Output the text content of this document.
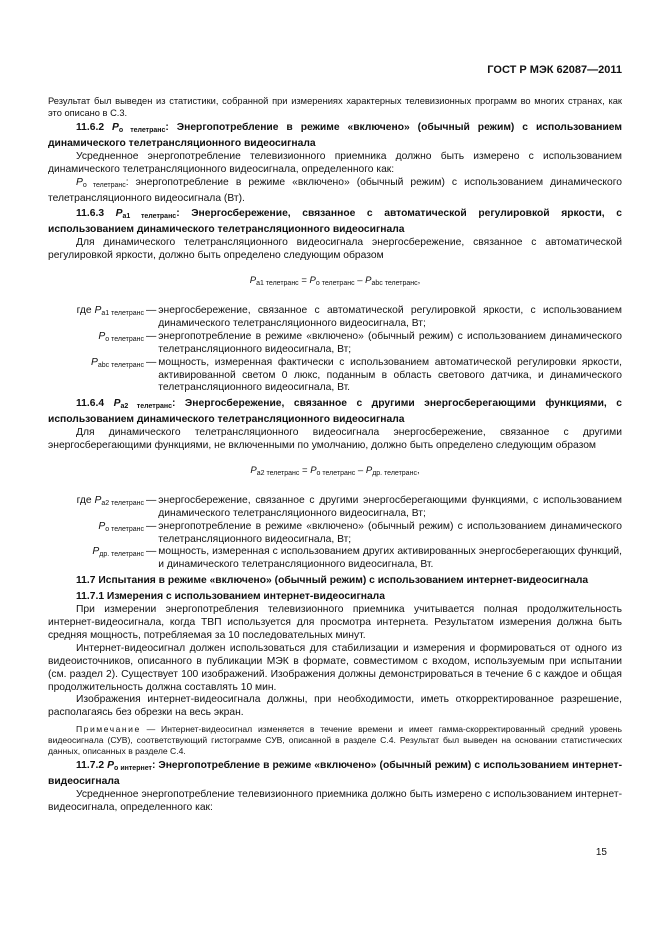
ГОСТ Р МЭК 62087—2011

Результат был выведен из статистики, собранной при измерениях характерных телевизионных программ во многих странах, как это описано в С.3.

11.6.2 $P_{o телетранс}$: Энергопотребление в режиме «включено» (обычный режим) с использованием динамического телетрансляционного видеосигнала

Усредненное энергопотребление телевизионного приемника должно быть измерено с использованием динамического телетрансляционного видеосигнала, определенного как:

$P_{o телетранс}$: энергопотребление в режиме «включено» (обычный режим) с использованием динамического телетрансляционного видеосигнала (Вт).

11.6.3 $P_{a1 телетранс}$: Энергосбережение, связанное с автоматической регулировкой яркости, с использованием динамического телетрансляционного видеосигнала

Для динамического телетрансляционного видеосигнала энергосбережение, связанное с автоматической регулировкой яркости, должно быть определено следующим образом

$P_{a1 телетранс} = P_{o телетранс} - P_{abc телетранс}$,
где $P_{a1 телетранс}$ — энергосбережение, связанное с автоматической регулировкой яркости, с использованием динамического телетрансляционного видеосигнала, Вт;
$P_{o телетранс}$ — энергопотребление в режиме «включено» (обычный режим) с использованием динамического телетрансляционного видеосигнала, Вт;
$P_{abc телетранс}$ — мощность, измеренная фактически с использованием автоматической регулировки яркости, активированной светом 0 люкс, поданным в область светового датчика, и динамического телетрансляционного видеосигнала, Вт.

11.6.4 $P_{a2 телетранс}$: Энергосбережение, связанное с другими энергосберегающими функциями, с использованием динамического телетрансляционного видеосигнала

Для динамического телетрансляционного видеосигнала энергосбережение, связанное с другими энергосберегающими функциями, не включенными по умолчанию, должно быть определено следующим образом

$P_{a2 телетранс} = P_{o телетранс} - P_{др. телетранс}$,
где $P_{a2 телетранс}$ — энергосбережение, связанное с другими энергосберегающими функциями, с использованием динамического телетрансляционного видеосигнала, Вт;
$P_{o телетранс}$ — энергопотребление в режиме «включено» (обычный режим) с использованием динамического телетрансляционного видеосигнала, Вт;
$P_{др. телетранс}$ — мощность, измеренная с использованием других активированных энергосберегающих функций, и динамического телетрансляционного видеосигнала, Вт.

11.7 Испытания в режиме «включено» (обычный режим) с использованием интернет-видеосигнала

11.7.1 Измерения с использованием интернет-видеосигнала

При измерении энергопотребления телевизионного приемника учитывается полная продолжительность интернет-видеосигнала, когда ТВП используется для просмотра интернета. Результатом измерения должна быть средняя мощность, потребляемая за 10 последовательных минут.

Интернет-видеосигнал должен использоваться для стабилизации и измерения и формироваться от одного из видеоисточников, описанного в публикации МЭК в формате, совместимом с входом, используемым при испытании (см. раздел 2). Существует 100 изображений. Изображения должны демонстрироваться в течение 6 с каждое и общая продолжительность должна составлять 10 мин.

Изображения интернет-видеосигнала должны, при необходимости, иметь откорректированное разрешение, располагаясь без обрезки на весь экран.

Примечание — Интернет-видеосигнал изменяется в течение времени и имеет гамма-скорректированный средний уровень видеосигнала (СУВ), соответствующий гистограмме СУВ, описанной в разделе С.4. Результат был выведен на основании статистических данных, описанных в разделе С.4.

11.7.2 $P_{o интернет}$: Энергопотребление в режиме «включено» (обычный режим) с использованием интернет-видеосигнала

Усредненное энергопотребление телевизионного приемника должно быть измерено с использованием интернет-видеосигнала, определенного как:

15
